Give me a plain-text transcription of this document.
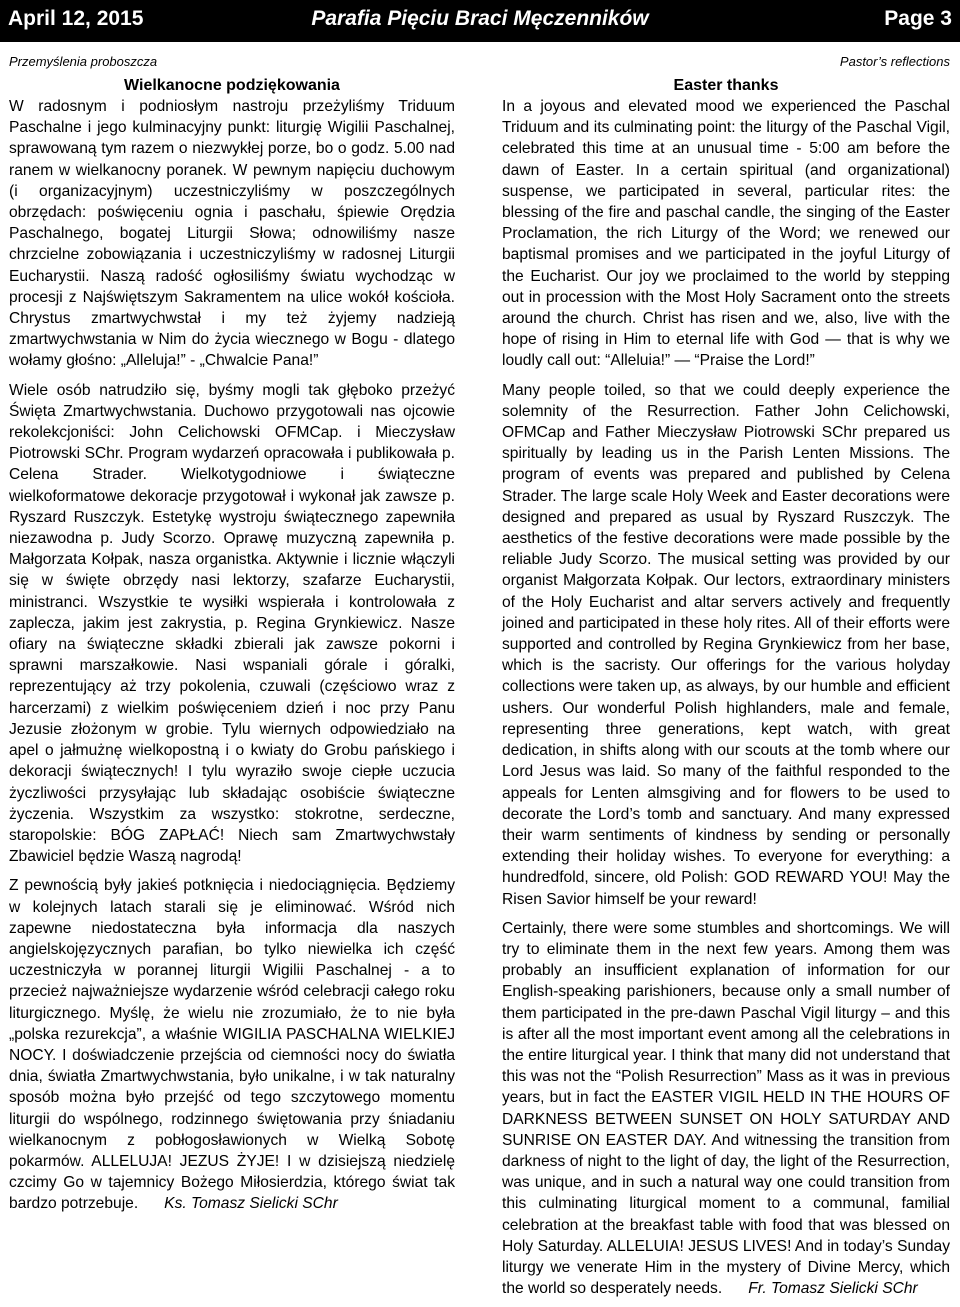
April 12, 2015	Parafia Pięciu Braci Męczenników	Page 3
Przemyślenia proboszcza
Wielkanocne podziękowania

W radosnym i podniosłym nastroju przeżyliśmy Triduum Paschalne i jego kulminacyjny punkt: liturgię Wigilii Paschalnej, sprawowaną tym razem o niezwykłej porze, bo o godz. 5.00 nad ranem w wielkanocny poranek. W pewnym napięciu duchowym (i organizacyjnym) uczestniczyliśmy w poszczególnych obrzędach: poświęceniu ognia i paschału, śpiewie Orędzia Paschalnego, bogatej Liturgii Słowa; odnowiliśmy nasze chrzcielne zobowiązania i uczestniczyliśmy w radosnej Liturgii Eucharystii. Naszą radość ogłosiliśmy światu wychodząc w procesji z Najświętszym Sakramentem na ulice wokół kościoła. Chrystus zmartwychwstał i my też żyjemy nadzieją zmartwychwstania w Nim do życia wiecznego w Bogu - dlatego wołamy głośno: „Alleluja!” - „Chwalcie Pana!”

Wiele osób natrudziło się, byśmy mogli tak głęboko przeżyć Święta Zmartwychwstania. Duchowo przygotowali nas ojcowie rekolekcjoniści: John Celichowski OFMCap. i Mieczysław Piotrowski SChr. Program wydarzeń opracowała i publikowała p. Celena Strader. Wielkotygodniowe i świąteczne wielkoformatowe dekoracje przygotował i wykonał jak zawsze p. Ryszard Ruszczyk. Estetykę wystroju świątecznego zapewniła niezawodna p. Judy Scorzo. Oprawę muzyczną zapewniła p. Małgorzata Kołpak, nasza organistka. Aktywnie i licznie włączyli się w święte obrzędy nasi lektorzy, szafarze Eucharystii, ministranci. Wszystkie te wysiłki wspierała i kontrolowała z zaplecza, jakim jest zakrystia, p. Regina Grynkiewicz. Nasze ofiary na świąteczne składki zbierali jak zawsze pokorni i sprawni marszałkowie. Nasi wspaniali górale i góralki, reprezentujący aż trzy pokolenia, czuwali (częściowo wraz z harcerzami) z wielkim poświęceniem dzień i noc przy Panu Jezusie złożonym w grobie. Tylu wiernych odpowiedziało na apel o jałmużnę wielkopostną i o kwiaty do Grobu pańskiego i dekoracji świątecznych! I tylu wyraziło swoje ciepłe uczucia życzliwości przysyłając lub składając osobiście świąteczne życzenia. Wszystkim za wszystko: stokrotne, serdeczne, staropolskie: BÓG ZAPŁAĆ! Niech sam Zmartwychwstały Zbawiciel będzie Waszą nagrodą!

Z pewnością były jakieś potknięcia i niedociągnięcia. Będziemy w kolejnych latach starali się je eliminować. Wśród nich zapewne niedostateczna była informacja dla naszych angielskojęzycznych parafian, bo tylko niewielka ich część uczestniczyła w porannej liturgii Wigilii Paschalnej - a to przecież najważniejsze wydarzenie wśród celebracji całego roku liturgicznego. Myślę, że wielu nie zrozumiało, że to nie była „polska rezurekcja”, a właśnie WIGILIA PASCHALNA WIELKIEJ NOCY. I doświadczenie przejścia od ciemności nocy do światła dnia, światła Zmartwychwstania, było unikalne, i w tak naturalny sposób można było przejść od tego szczytowego momentu liturgii do wspólnego, rodzinnego świętowania przy śniadaniu wielkanocnym z pobłogosławionych w Wielką Sobotę pokarmów. ALLELUJA! JEZUS ŻYJE! I w dzisiejszą niedzielę czcimy Go w tajemnicy Bożego Miłosierdzia, którego świat tak bardzo potrzebuje. Ks. Tomasz Sielicki SChr

Pastor’s reflections
Easter thanks

In a joyous and elevated mood we experienced the Paschal Triduum and its culminating point: the liturgy of the Paschal Vigil, celebrated this time at an unusual time - 5:00 am before the dawn of Easter. In a certain spiritual (and organizational) suspense, we participated in several, particular rites: the blessing of the fire and paschal candle, the singing of the Easter Proclamation, the rich Liturgy of the Word; we renewed our baptismal promises and we participated in the joyful Liturgy of the Eucharist. Our joy we proclaimed to the world by stepping out in procession with the Most Holy Sacrament onto the streets around the church. Christ has risen and we, also, live with the hope of rising in Him to eternal life with God — that is why we loudly call out: “Alleluia!” — “Praise the Lord!”

Many people toiled, so that we could deeply experience the solemnity of the Resurrection. Father John Celichowski, OFMCap and Father Mieczysław Piotrowski SChr prepared us spiritually by leading us in the Parish Lenten Missions. The program of events was prepared and published by Celena Strader. The large scale Holy Week and Easter decorations were designed and prepared as usual by Ryszard Ruszczyk. The aesthetics of the festive decorations were made possible by the reliable Judy Scorzo. The musical setting was provided by our organist Małgorzata Kołpak. Our lectors, extraordinary ministers of the Holy Eucharist and altar servers actively and frequently joined and participated in these holy rites. All of their efforts were supported and controlled by Regina Grynkiewicz from her base, which is the sacristy. Our offerings for the various holyday collections were taken up, as always, by our humble and efficient ushers. Our wonderful Polish highlanders, male and female, representing three generations, kept watch, with great dedication, in shifts along with our scouts at the tomb where our Lord Jesus was laid. So many of the faithful responded to the appeals for Lenten almsgiving and for flowers to be used to decorate the Lord’s tomb and sanctuary. And many expressed their warm sentiments of kindness by sending or personally extending their holiday wishes. To everyone for everything: a hundredfold, sincere, old Polish: GOD REWARD YOU! May the Risen Savior himself be your reward!

Certainly, there were some stumbles and shortcomings. We will try to eliminate them in the next few years. Among them was probably an insufficient explanation of information for our English-speaking parishioners, because only a small number of them participated in the pre-dawn Paschal Vigil liturgy – and this is after all the most important event among all the celebrations in the entire liturgical year. I think that many did not understand that this was not the “Polish Resurrection” Mass as it was in previous years, but in fact the EASTER VIGIL HELD IN THE HOURS OF DARKNESS BETWEEN SUNSET ON HOLY SATURDAY AND SUNRISE ON EASTER DAY. And witnessing the transition from darkness of night to the light of day, the light of the Resurrection, was unique, and in such a natural way one could transition from this culminating liturgical moment to a communal, familial celebration at the breakfast table with food that was blessed on Holy Saturday. ALLELUIA! JESUS LIVES! And in today’s Sunday liturgy we venerate Him in the mystery of Divine Mercy, which the world so desperately needs. Fr. Tomasz Sielicki SChr
